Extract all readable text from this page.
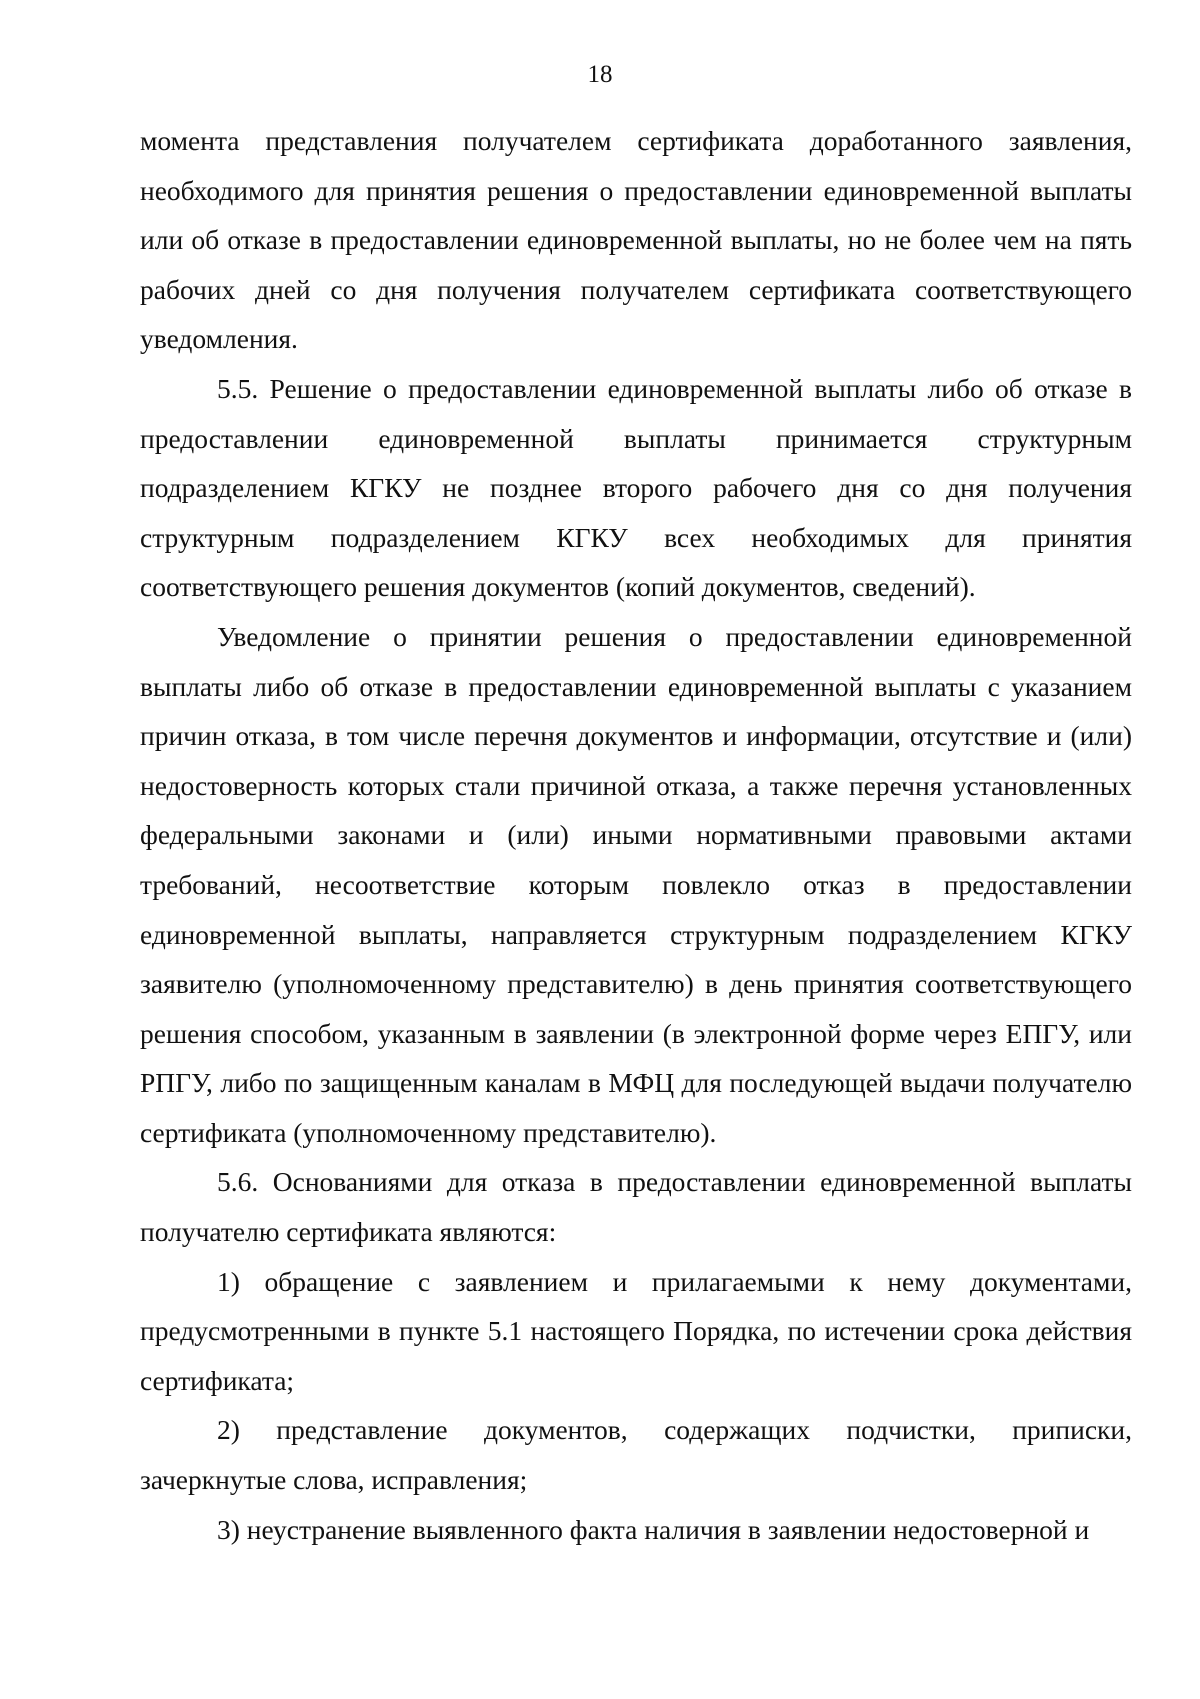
18

момента представления получателем сертификата доработанного заявления, необходимого для принятия решения о предоставлении единовременной выплаты или об отказе в предоставлении единовременной выплаты, но не более чем на пять рабочих дней со дня получения получателем сертификата соответствующего уведомления.

5.5. Решение о предоставлении единовременной выплаты либо об отказе в предоставлении единовременной выплаты принимается структурным подразделением КГКУ не позднее второго рабочего дня со дня получения структурным подразделением КГКУ всех необходимых для принятия соответствующего решения документов (копий документов, сведений).

Уведомление о принятии решения о предоставлении единовременной выплаты либо об отказе в предоставлении единовременной выплаты с указанием причин отказа, в том числе перечня документов и информации, отсутствие и (или) недостоверность которых стали причиной отказа, а также перечня установленных федеральными законами и (или) иными нормативными правовыми актами требований, несоответствие которым повлекло отказ в предоставлении единовременной выплаты, направляется структурным подразделением КГКУ заявителю (уполномоченному представителю) в день принятия соответствующего решения способом, указанным в заявлении (в электронной форме через ЕПГУ, или РПГУ, либо по защищенным каналам в МФЦ для последующей выдачи получателю сертификата (уполномоченному представителю).

5.6. Основаниями для отказа в предоставлении единовременной выплаты получателю сертификата являются:

1) обращение с заявлением и прилагаемыми к нему документами, предусмотренными в пункте 5.1 настоящего Порядка, по истечении срока действия сертификата;

2) представление документов, содержащих подчистки, приписки, зачеркнутые слова, исправления;

3) неустранение выявленного факта наличия в заявлении недостоверной и
